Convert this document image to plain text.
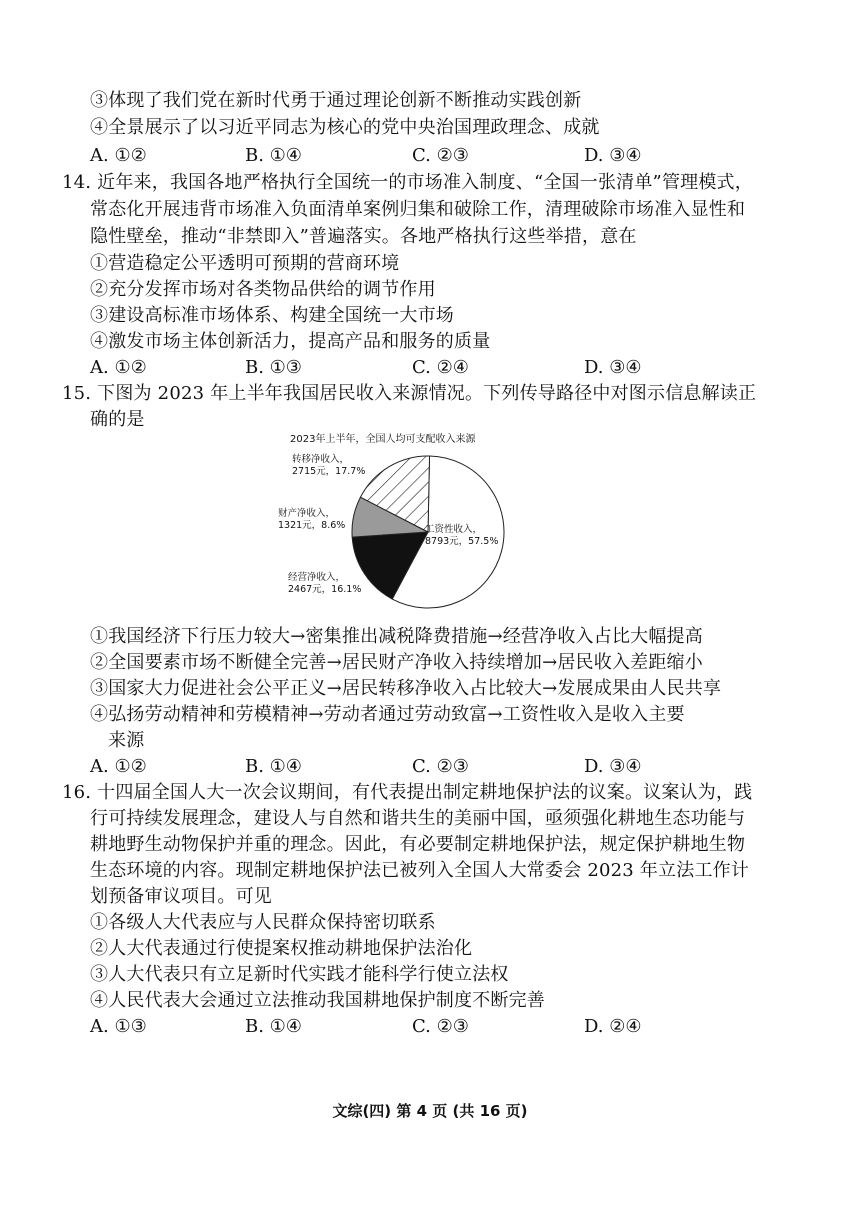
③体现了我们党在新时代勇于通过理论创新不断推动实践创新
④全景展示了以习近平同志为核心的党中央治国理政理念、成就
A. ①②	B. ①④	C. ②③	D. ③④
14. 近年来，我国各地严格执行全国统一的市场准入制度、“全国一张清单”管理模式，
常态化开展违背市场准入负面清单案例归集和破除工作，清理破除市场准入显性和
隐性壁垒，推动“非禁即入”普遍落实。各地严格执行这些举措，意在
①营造稳定公平透明可预期的营商环境
②充分发挥市场对各类物品供给的调节作用
③建设高标准市场体系、构建全国统一大市场
④激发市场主体创新活力，提高产品和服务的质量
A. ①②	B. ①③	C. ②④	D. ③④
15. 下图为 2023 年上半年我国居民收入来源情况。下列传导路径中对图示信息解读正
确的是
2023年上半年，全国人均可支配收入来源
工资性收入，
8793元，57.5%
经营净收入，
2467元，16.1%
财产净收入，
1321元，8.6%
转移净收入，
2715元，17.7%
①我国经济下行压力较大→密集推出减税降费措施→经营净收入占比大幅提高
②全国要素市场不断健全完善→居民财产净收入持续增加→居民收入差距缩小
③国家大力促进社会公平正义→居民转移净收入占比较大→发展成果由人民共享
④弘扬劳动精神和劳模精神→劳动者通过劳动致富→工资性收入是收入主要
来源
A. ①②	B. ①④	C. ②③	D. ③④
16. 十四届全国人大一次会议期间，有代表提出制定耕地保护法的议案。议案认为，践
行可持续发展理念，建设人与自然和谐共生的美丽中国，亟须强化耕地生态功能与
耕地野生动物保护并重的理念。因此，有必要制定耕地保护法，规定保护耕地生物
生态环境的内容。现制定耕地保护法已被列入全国人大常委会 2023 年立法工作计
划预备审议项目。可见
①各级人大代表应与人民群众保持密切联系
②人大代表通过行使提案权推动耕地保护法治化
③人大代表只有立足新时代实践才能科学行使立法权
④人民代表大会通过立法推动我国耕地保护制度不断完善
A. ①③	B. ①④	C. ②③	D. ②④
文综(四) 第 4 页 (共 16 页)
